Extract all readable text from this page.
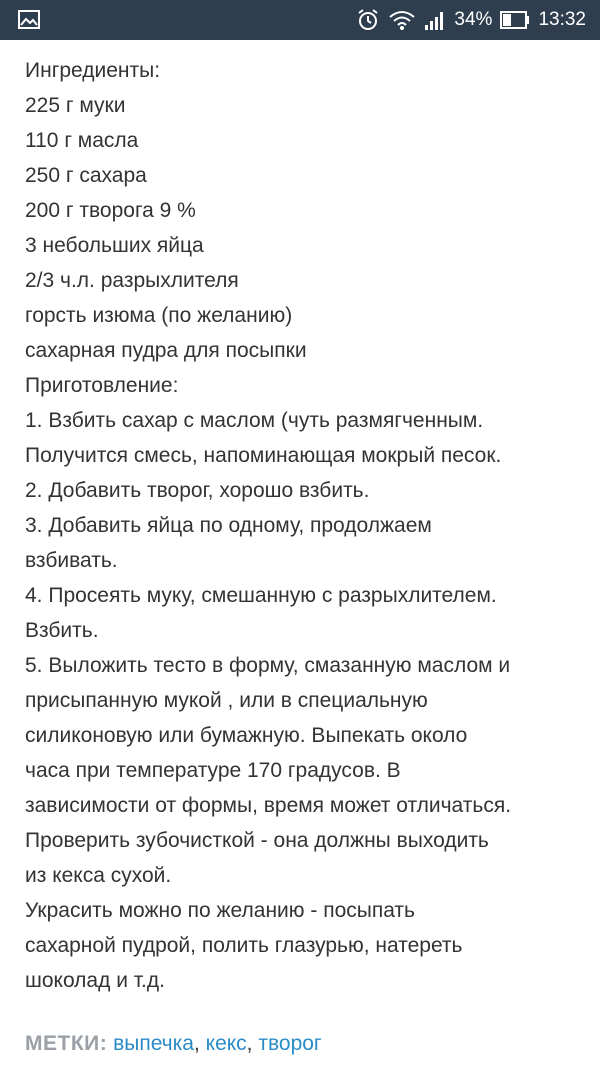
34% 13:32
Ингредиенты:
225 г муки
110 г масла
250 г сахара
200 г творога 9 %
3 небольших яйца
2/3 ч.л. разрыхлителя
горсть изюма (по желанию)
сахарная пудра для посыпки
Приготовление:
1. Взбить сахар с маслом (чуть размягченным.
Получится смесь, напоминающая мокрый песок.
2. Добавить творог, хорошо взбить.
3. Добавить яйца по одному, продолжаем
взбивать.
4. Просеять муку, смешанную с разрыхлителем.
Взбить.
5. Выложить тесто в форму, смазанную маслом и
присыпанную мукой , или в специальную
силиконовую или бумажную. Выпекать около
часа при температуре 170 градусов. В
зависимости от формы, время может отличаться.
Проверить зубочисткой - она должны выходить
из кекса сухой.
Украсить можно по желанию - посыпать
сахарной пудрой, полить глазурью, натереть
шоколад и т.д.
МЕТКИ: выпечка, кекс, творог
